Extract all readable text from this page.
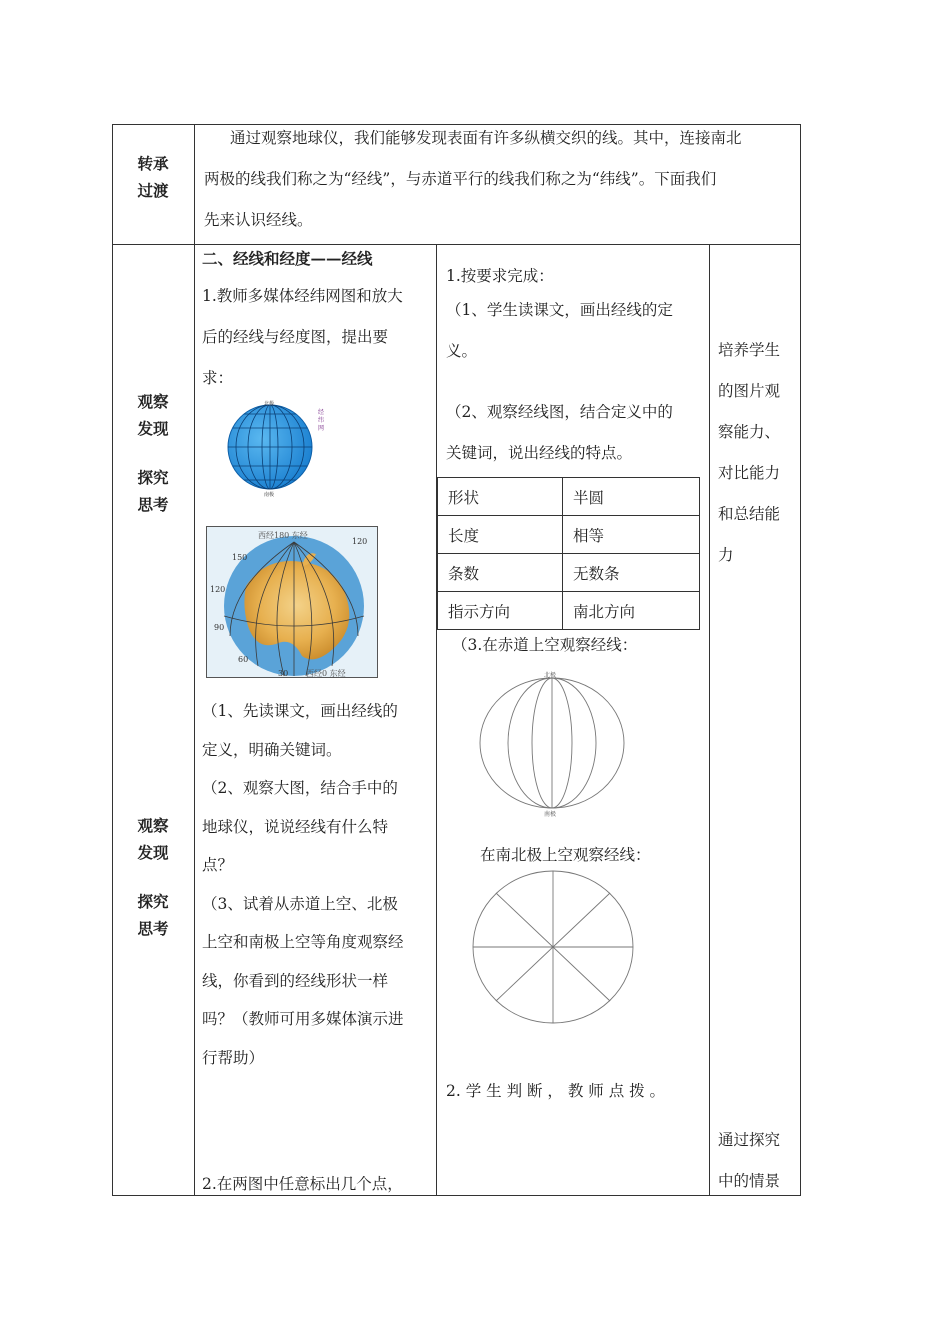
转承
过渡
通过观察地球仪，我们能够发现表面有许多纵横交织的线。其中，连接南北
两极的线我们称之为“经线”，与赤道平行的线我们称之为“纬线”。下面我们
先来认识经线。
观察
发现
探究
思考
观察
发现
探究
思考
二、经线和经度——经线
1.教师多媒体经纬网图和放大
后的经线与经度图，提出要
求：
北极
南极
经
纬
网
西经180 东经
150
120
90
60
30
120
西经0 东经
（1、先读课文，画出经线的
定义，明确关键词。
（2、观察大图，结合手中的
地球仪，说说经线有什么特
点？
（3、试着从赤道上空、北极
上空和南极上空等角度观察经
线，你看到的经线形状一样
吗？（教师可用多媒体演示进
行帮助）
2.在两图中任意标出几个点，
1.按要求完成：
（1、学生读课文，画出经线的定
义。
（2、观察经线图，结合定义中的
关键词，说出经线的特点。
形状	半圆
长度	相等
条数	无数条
指示方向	南北方向
（3.在赤道上空观察经线：
北极
南极
在南北极上空观察经线：
2. 学 生 判 断 ， 教 师 点 拨 。
培养学生
的图片观
察能力、
对比能力
和总结能
力
通过探究
中的情景
